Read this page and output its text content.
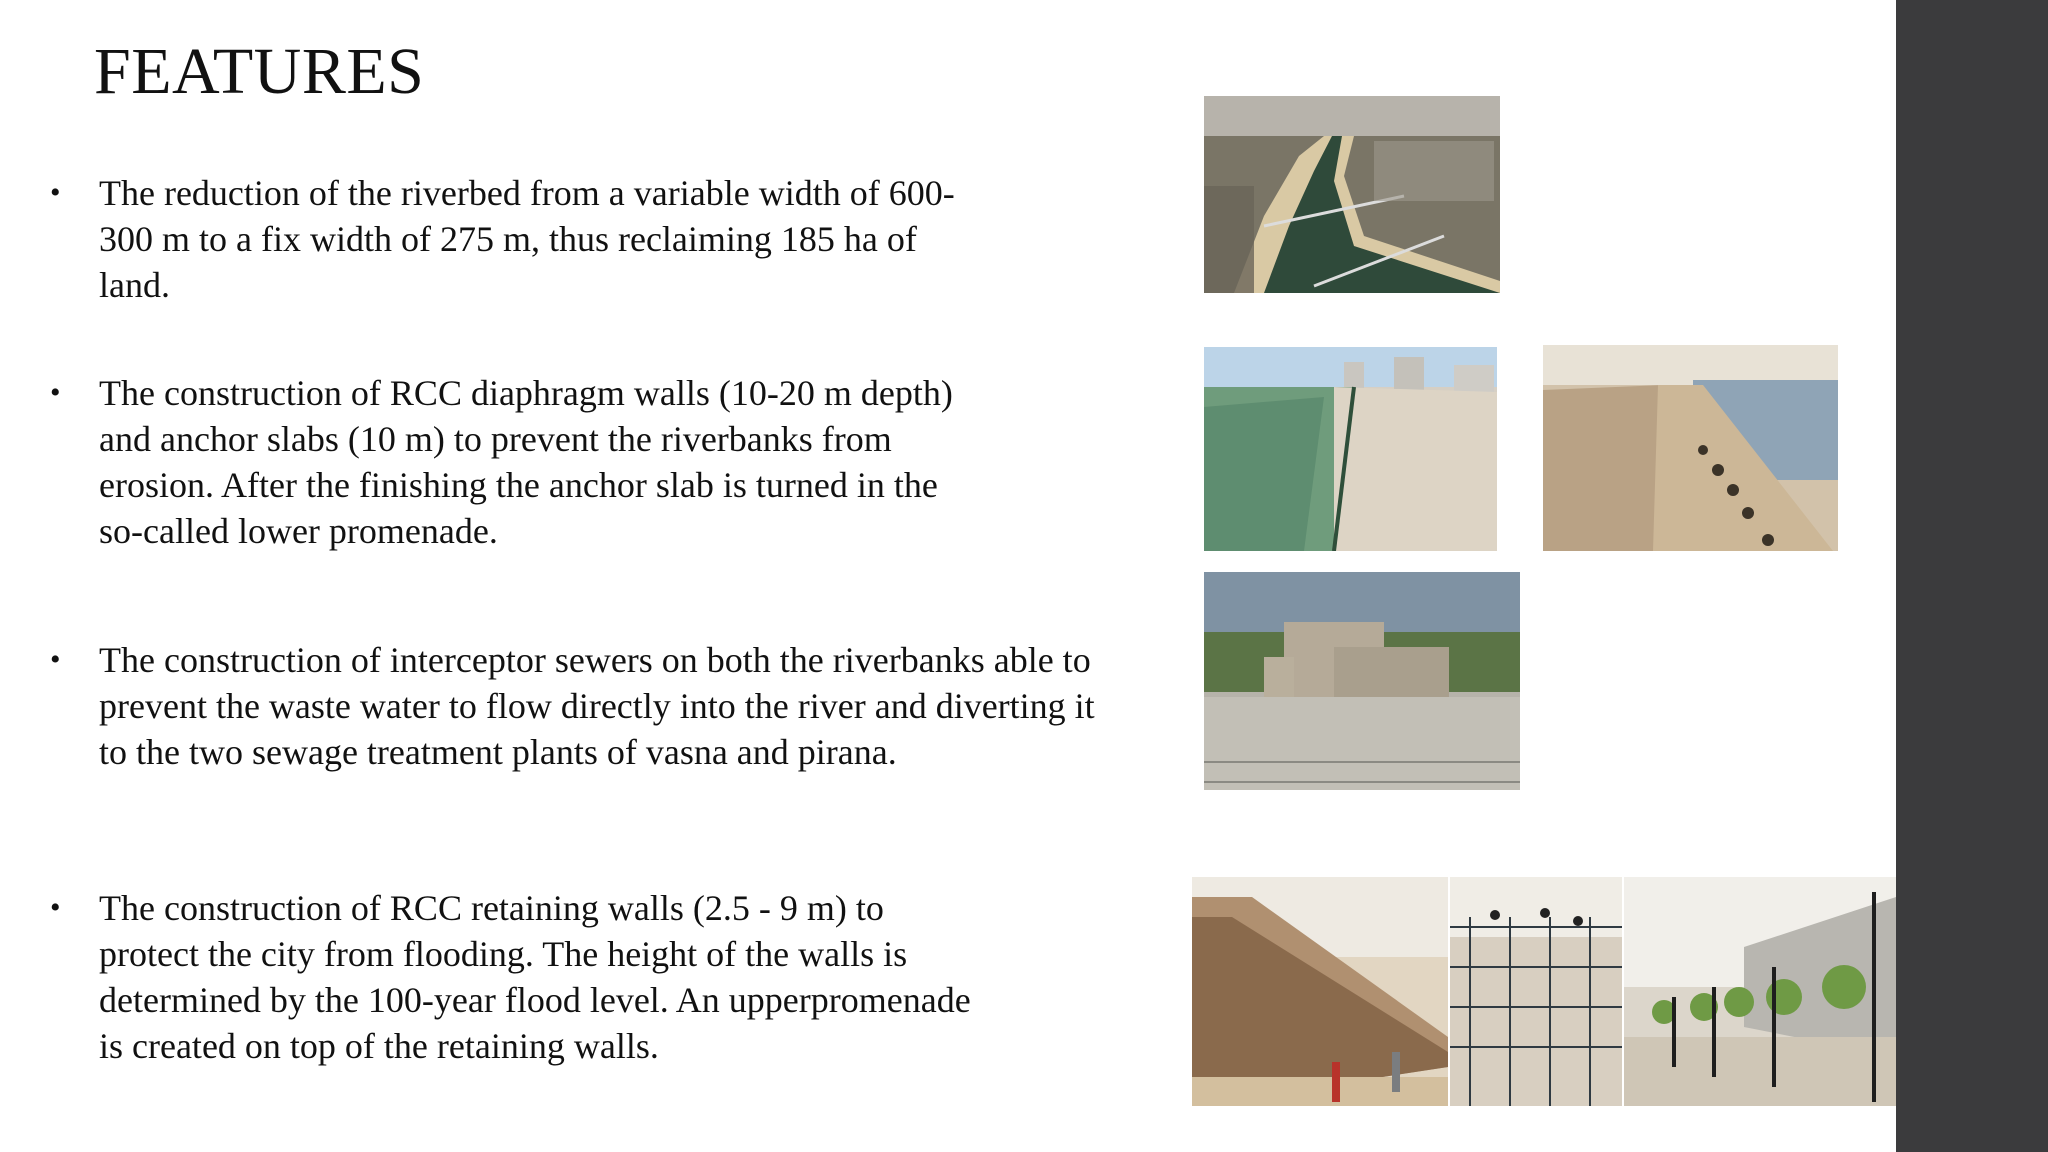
FEATURES
• The reduction of the riverbed from a variable width of 600-
300 m to a fix width of 275 m, thus reclaiming 185 ha of
land.
• The construction of RCC diaphragm walls (10-20 m depth)
and anchor slabs (10 m) to prevent the riverbanks from
erosion. After the finishing the anchor slab is turned in the
so-called lower promenade.
• The construction of interceptor sewers on both the riverbanks able to
prevent the waste water to flow directly into the river and diverting it
to the two sewage treatment plants of vasna and pirana.
• The construction of RCC retaining walls (2.5 - 9 m) to
protect the city from flooding. The height of the walls is
determined by the 100-year flood level. An upperpromenade
is created on top of the retaining walls.
